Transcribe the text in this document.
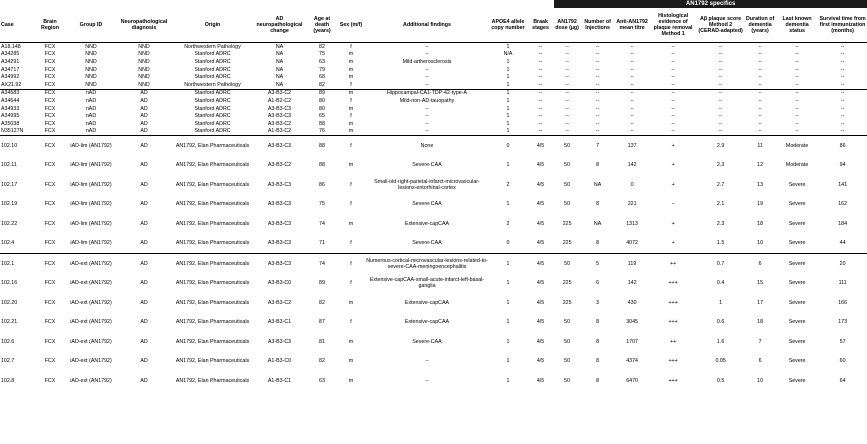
											AN1792 specifics							
Case	Brain Region	Group ID	Neuropathological diagnosis	Origin	AD neuropathological change	Age at death (years)	Sex (m/f)	Additional findings	APOE4 allele copy number	Braak stages	AN1792 dose (µg)	Number of Injections	Anti-AN1792 mean titre	Histological evidence of plaque removal Method 1	Aβ plaque score Method 2 (CERAD-adapted)	Duration of dementia (years)	Last known dementia status	Survival time from first immunization (months)
A18.148	FCX	NND	NND	Northwestern Pathology	NA	82	f	--	1	--	--	--	--	--	--	--	--	--
A34285	FCX	NND	NND	Stanford ADRC	NA	75	m	--	N/A	--	--	--	--	--	--	--	--	--
A34291	FCX	NND	NND	Stanford ADRC	NA	63	m	Mild-artherosclerosis	1	--	--	--	--	--	--	--	--	--
A34717	FCX	NND	NND	Stanford ADRC	NA	79	m	--	1	--	--	--	--	--	--	--	--	--
A34992	FCX	NND	NND	Stanford ADRC	NA	68	m	--	1	--	--	--	--	--	--	--	--	--
AX21.92	FCX	NND	NND	Northwestern Pathology	NA	82	f	--	1	--	--	--	--	--	--	--	--	--
A34583	FCX	nAD	AD	Stanford ADRC	A3-B3-C2	89	m	Hippocampal-CA1-TDP-42-type-A	1	--	--	--	--	--	--	--	--	--
A34644	FCX	nAD	AD	Stanford ADRC	A1-B2-C2	80	f	Mild-non-AD-tauopathy	1	--	--	--	--	--	--	--	--	--
A34933	FCX	nAD	AD	Stanford ADRC	A3-B3-C3	80	m	--	1	--	--	--	--	--	--	--	--	--
A34995	FCX	nAD	AD	Stanford ADRC	A3-B3-C3	65	f	--	1	--	--	--	--	--	--	--	--	--
A35038	FCX	nAD	AD	Stanford ADRC	A3-B3-C2	88	m	--	1	--	--	--	--	--	--	--	--	--
N35127N	FCX	nAD	AD	Stanford ADRC	A1-B3-C2	76	m	--	1	--	--	--	--	--	--	--	--	--
102.10	FCX	iAD-lim (AN1792)	AD	AN1792, Elan Pharmaceuticals	A3-B3-C3	88	f	None	0	4/5	50	7	137	+	2.9	11	Moderate	86
102.11	FCX	iAD-lim (AN1792)	AD	AN1792, Elan Pharmaceuticals	A3-B3-C2	88	m	Severe-CAA	1	4/5	50	8	142	+	2.3	12	Moderate	94
102.17	FCX	iAD-lim (AN1792)	AD	AN1792, Elan Pharmaceuticals	A3-B3-C3	86	f	Small-old-right-parietal-infarct-microvascular-lesions-entorhinal-cortex	2	4/5	50	NA	0	+	2.7	13	Severe	141
102.19	FCX	iAD-lim (AN1792)	AD	AN1792, Elan Pharmaceuticals	A3-B3-C3	75	f	Severe-CAA	1	4/5	50	8	221	−	2.1	19	Severe	162
102.22	FCX	iAD-lim (AN1792)	AD	AN1792, Elan Pharmaceuticals	A3-B3-C3	74	m	Extensive-capCAA	2	4/5	225	NA	1313	+	2.3	18	Severe	184
102.4	FCX	iAD-lim (AN1792)	AD	AN1792, Elan Pharmaceuticals	A3-B3-C3	71	f	Severe-CAA	0	4/5	225	8	4072	+	1.5	10	Severe	44
102.1	FCX	iAD-ext (AN1792)	AD	AN1792, Elan Pharmaceuticals	A3-B3-C3	74	f	Numerous-cortical-microvascular-lesions-related-to-severe-CAA-meningoencephalitis	1	4/5	50	5	119	++	0.7	6	Severe	20
102.16	FCX	iAD-ext (AN1792)	AD	AN1792, Elan Pharmaceuticals	A3-B3-C0	89	f	Extensive-capCAA-small-acute-infarct-left-basal-ganglia	1	4/5	225	6	142	+++	0.4	15	Severe	111
102.20	FCX	iAD-ext (AN1792)	AD	AN1792, Elan Pharmaceuticals	A3-B3-C2	82	m	Extensive-capCAA	1	4/5	225	3	430	+++	1	17	Severe	166
102.21	FCX	iAD-ext (AN1792)	AD	AN1792, Elan Pharmaceuticals	A3-B3-C1	87	f	Extensive-capCAA	1	4/5	50	8	3045	+++	0.6	18	Severe	173
102.6	FCX	iAD-ext (AN1792)	AD	AN1792, Elan Pharmaceuticals	A3-B3-C3	81	m	Severe-CAA	1	4/5	50	8	1707	++	1.6	7	Severe	57
102.7	FCX	iAD-ext (AN1792)	AD	AN1792, Elan Pharmaceuticals	A1-B3-C0	82	m	--	1	4/5	50	8	4374	+++	0.05	6	Severe	60
102.8	FCX	iAD-ext (AN1792)	AD	AN1792, Elan Pharmaceuticals	A1-B3-C1	63	m	--	1	4/5	50	8	6470	+++	0.5	10	Severe	64
